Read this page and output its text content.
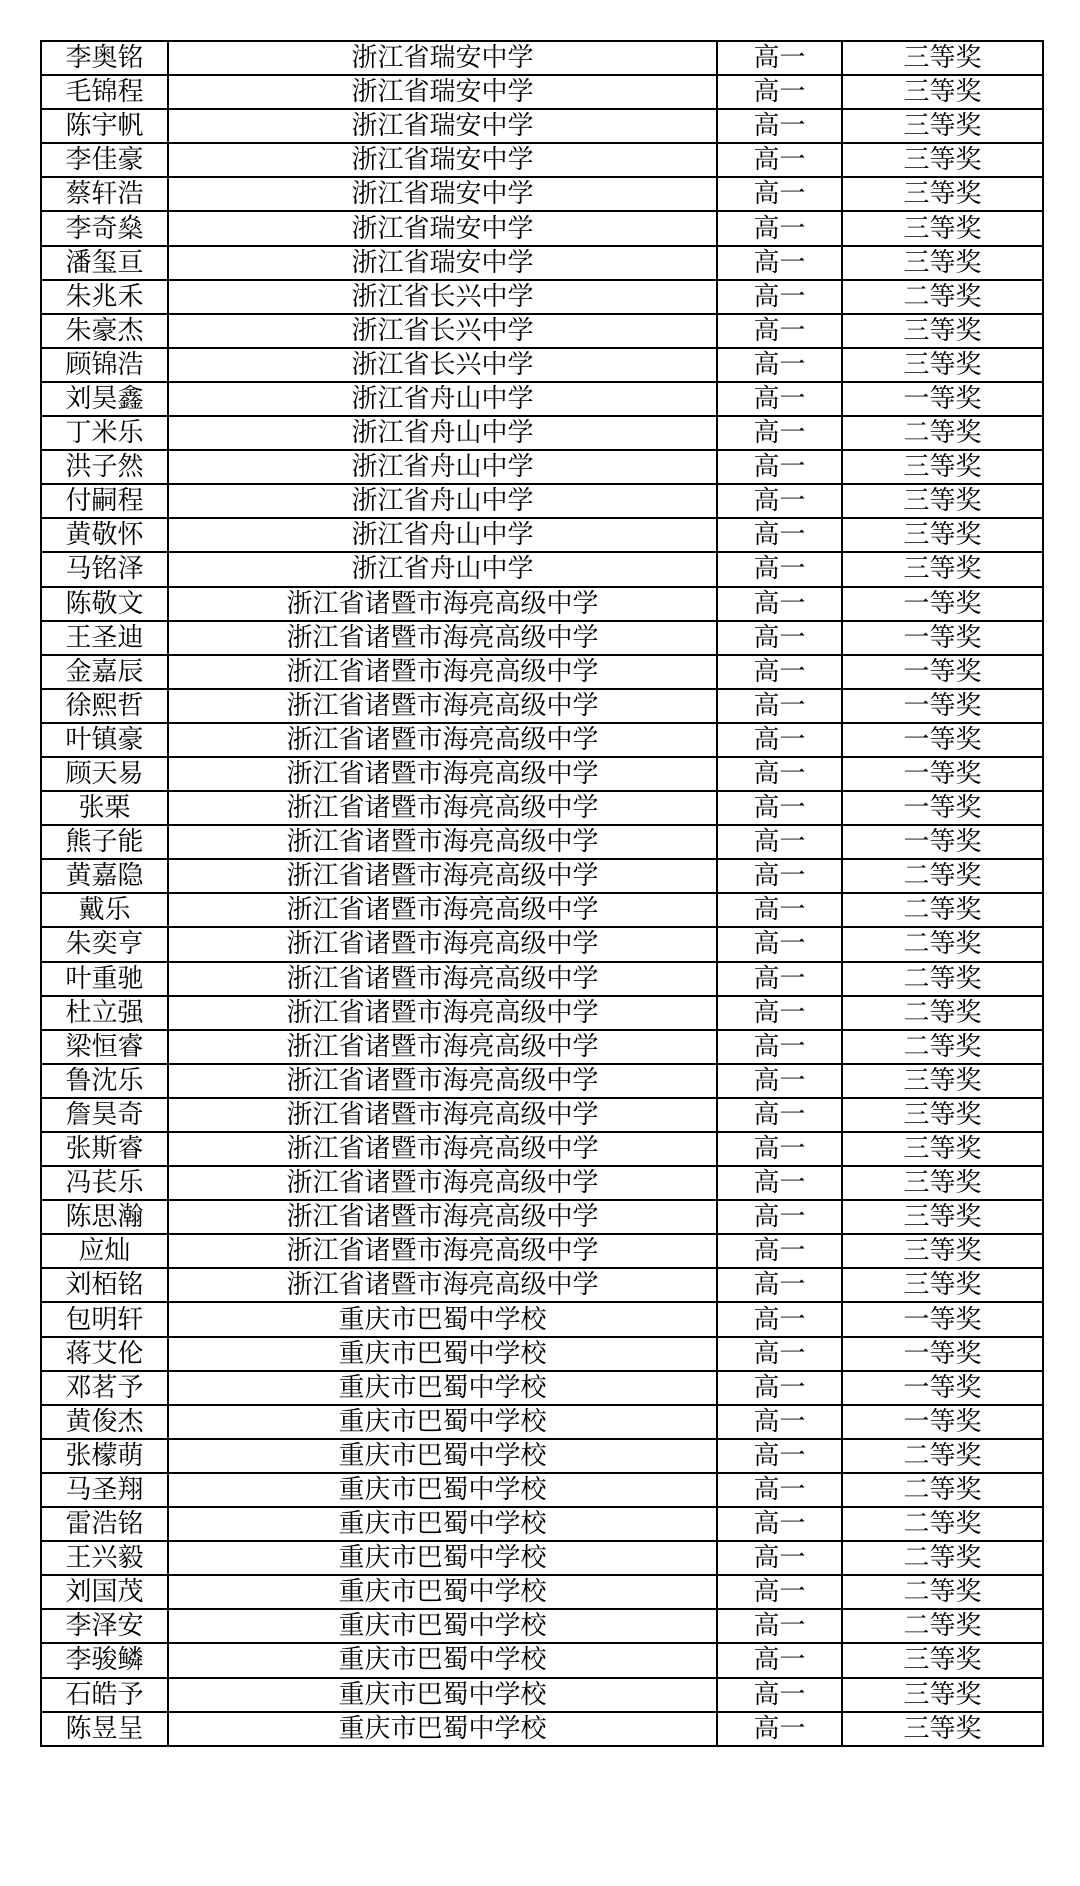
李奥铭	浙江省瑞安中学	高一	三等奖
毛锦程	浙江省瑞安中学	高一	三等奖
陈宇帆	浙江省瑞安中学	高一	三等奖
李佳豪	浙江省瑞安中学	高一	三等奖
蔡轩浩	浙江省瑞安中学	高一	三等奖
李奇燊	浙江省瑞安中学	高一	三等奖
潘玺亘	浙江省瑞安中学	高一	三等奖
朱兆禾	浙江省长兴中学	高一	二等奖
朱豪杰	浙江省长兴中学	高一	三等奖
顾锦浩	浙江省长兴中学	高一	三等奖
刘昊鑫	浙江省舟山中学	高一	一等奖
丁米乐	浙江省舟山中学	高一	二等奖
洪子然	浙江省舟山中学	高一	三等奖
付嗣程	浙江省舟山中学	高一	三等奖
黄敬怀	浙江省舟山中学	高一	三等奖
马铭泽	浙江省舟山中学	高一	三等奖
陈敬文	浙江省诸暨市海亮高级中学	高一	一等奖
王圣迪	浙江省诸暨市海亮高级中学	高一	一等奖
金嘉辰	浙江省诸暨市海亮高级中学	高一	一等奖
徐熙哲	浙江省诸暨市海亮高级中学	高一	一等奖
叶镇豪	浙江省诸暨市海亮高级中学	高一	一等奖
顾天易	浙江省诸暨市海亮高级中学	高一	一等奖
张栗	浙江省诸暨市海亮高级中学	高一	一等奖
熊子能	浙江省诸暨市海亮高级中学	高一	一等奖
黄嘉隐	浙江省诸暨市海亮高级中学	高一	二等奖
戴乐	浙江省诸暨市海亮高级中学	高一	二等奖
朱奕亨	浙江省诸暨市海亮高级中学	高一	二等奖
叶重驰	浙江省诸暨市海亮高级中学	高一	二等奖
杜立强	浙江省诸暨市海亮高级中学	高一	二等奖
梁恒睿	浙江省诸暨市海亮高级中学	高一	二等奖
鲁沈乐	浙江省诸暨市海亮高级中学	高一	三等奖
詹昊奇	浙江省诸暨市海亮高级中学	高一	三等奖
张斯睿	浙江省诸暨市海亮高级中学	高一	三等奖
冯苌乐	浙江省诸暨市海亮高级中学	高一	三等奖
陈思瀚	浙江省诸暨市海亮高级中学	高一	三等奖
应灿	浙江省诸暨市海亮高级中学	高一	三等奖
刘栢铭	浙江省诸暨市海亮高级中学	高一	三等奖
包明轩	重庆市巴蜀中学校	高一	一等奖
蒋艾伦	重庆市巴蜀中学校	高一	一等奖
邓茗予	重庆市巴蜀中学校	高一	一等奖
黄俊杰	重庆市巴蜀中学校	高一	一等奖
张檬萌	重庆市巴蜀中学校	高一	二等奖
马圣翔	重庆市巴蜀中学校	高一	二等奖
雷浩铭	重庆市巴蜀中学校	高一	二等奖
王兴毅	重庆市巴蜀中学校	高一	二等奖
刘国茂	重庆市巴蜀中学校	高一	二等奖
李泽安	重庆市巴蜀中学校	高一	二等奖
李骏鳞	重庆市巴蜀中学校	高一	三等奖
石皓予	重庆市巴蜀中学校	高一	三等奖
陈昱呈	重庆市巴蜀中学校	高一	三等奖
